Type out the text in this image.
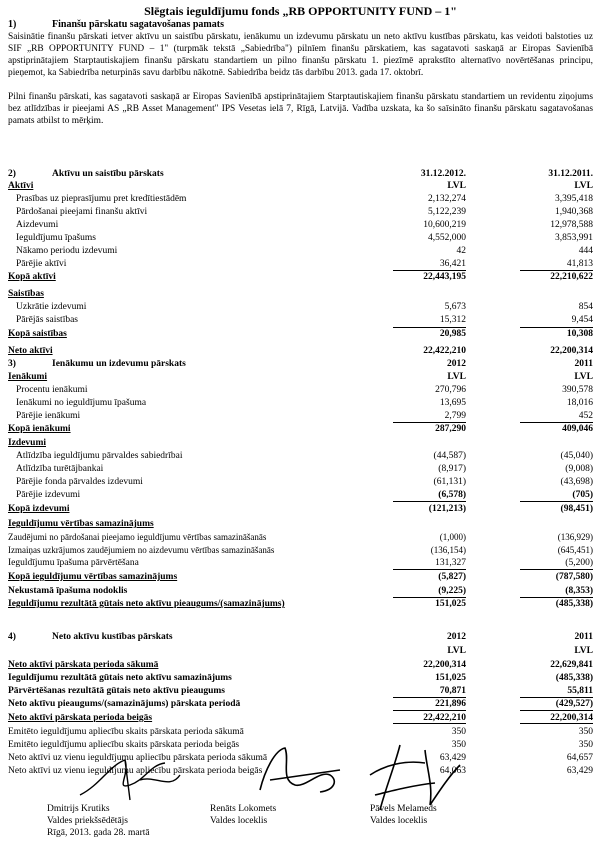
Slēgtais ieguldījumu fonds „RB OPPORTUNITY FUND – 1"
1)	Finanšu pārskatu sagatavošanas pamats
Saisinātie finanšu pārskati ietver aktīvu un saistību pārskatu, ienākumu un izdevumu pārskatu un neto aktīvu kustības pārskatu, kas veidoti balstoties uz SIF „RB OPPORTUNITY FUND – 1" (turpmāk tekstā „Sabiedrība") pilnīem finanšu pārskatiem, kas sagatavoti saskaņā ar Eiropas Savienībā apstiprinātajiem Starptautiskajiem finanšu pārskatu standartiem un pilno finanšu pārskatu 1. piezīmē aprakstīto alternatīvo novērtēšanas principu, pieņemot, ka Sabiedrība neturpinās savu darbību nākotnē. Sabiedrība beidz tās darbību 2013. gada 17. oktobrī.
Pilni finanšu pārskati, kas sagatavoti saskaņā ar Eiropas Savienībā apstiprinātajiem Starptautiskajiem finanšu pārskatu standartiem un revidentu ziņojums bez atlīdzības ir pieejami AS „RB Asset Management" IPS Vesetas ielā 7, Rīgā, Latvijā. Vadība uzskata, ka šo saīsināto finanšu pārskatu sagatavošanas pamats atbilst to mērķim.
2)	Aktīvu un saistību pārskats	31.12.2012.	31.12.2011.
Aktīvi	LVL	LVL
Prasības uz pieprasījumu pret kredītiestādēm	2,132,274	3,395,418
Pārdošanai pieejami finanšu aktīvi	5,122,239	1,940,368
Aizdevumi	10,600,219	12,978,588
Ieguldījumu īpašums	4,552,000	3,853,991
Nākamo periodu izdevumi	42	444
Pārējie aktīvi	36,421	41,813
Kopā aktīvi	22,443,195	22,210,622
Saistības
Uzkrātie izdevumi	5,673	854
Pārējās saistības	15,312	9,454
Kopā saistības	20,985	10,308
Neto aktīvi	22,422,210	22,200,314
3)	Ienākumu un izdevumu pārskats	2012	2011
Ienākumi	LVL	LVL
Procentu ienākumi	270,796	390,578
Ienākumi no ieguldījumu īpašuma	13,695	18,016
Pārējie ienākumi	2,799	452
Kopā ienākumi	287,290	409,046
Izdevumi
Atlīdzība ieguldījumu pārvaldes sabiedrībai	(44,587)	(45,040)
Atlīdzība turētājbankai	(8,917)	(9,008)
Pārējie fonda pārvaldes izdevumi	(61,131)	(43,698)
Pārējie izdevumi	(6,578)	(705)
Kopā izdevumi	(121,213)	(98,451)
Ieguldījumu vērtības samazinājums
Zaudējumi no pārdošanai pieejamo ieguldījumu vērtības samazināšanās	(1,000)	(136,929)
Izmaiņas uzkrājumos zaudējumiem no aizdevumu vērtības samazināšanās	(136,154)	(645,451)
Ieguldījumu īpašuma pārvērtēšana	131,327	(5,200)
Kopā ieguldījumu vērtības samazinājums	(5,827)	(787,580)
Nekustamā īpašuma nodoklis	(9,225)	(8,353)
Ieguldījumu rezultātā gūtais neto aktīvu pieaugums/(samazinājums)	151,025	(485,338)
4)	Neto aktīvu kustības pārskats	2012	2011
LVL	LVL
Neto aktīvi pārskata perioda sākumā	22,200,314	22,629,841
Ieguldījumu rezultātā gūtais neto aktīvu samazinājums	151,025	(485,338)
Pārvērtēšanas rezultātā gūtais neto aktīvu pieaugums	70,871	55,811
Neto aktīvu pieaugums/(samazinājums) pārskata periodā	221,896	(429,527)
Neto aktīvi pārskata perioda beigās	22,422,210	22,200,314
Emitēto ieguldījumu apliecību skaits pārskata perioda sākumā	350	350
Emitēto ieguldījumu apliecību skaits pārskata perioda beigās	350	350
Neto aktīvi uz vienu ieguldījumu apliecību pārskata perioda sākumā	63,429	64,657
Neto aktīvi uz vienu ieguldījumu apliecību pārskata perioda beigās	64,063	63,429
Dmitrijs Krutiks
Valdes priekšsēdētājs
Rīgā, 2013. gada 28. martā
Renāts Lokomets
Valdes loceklis
Pāvels Melameds
Valdes loceklis
